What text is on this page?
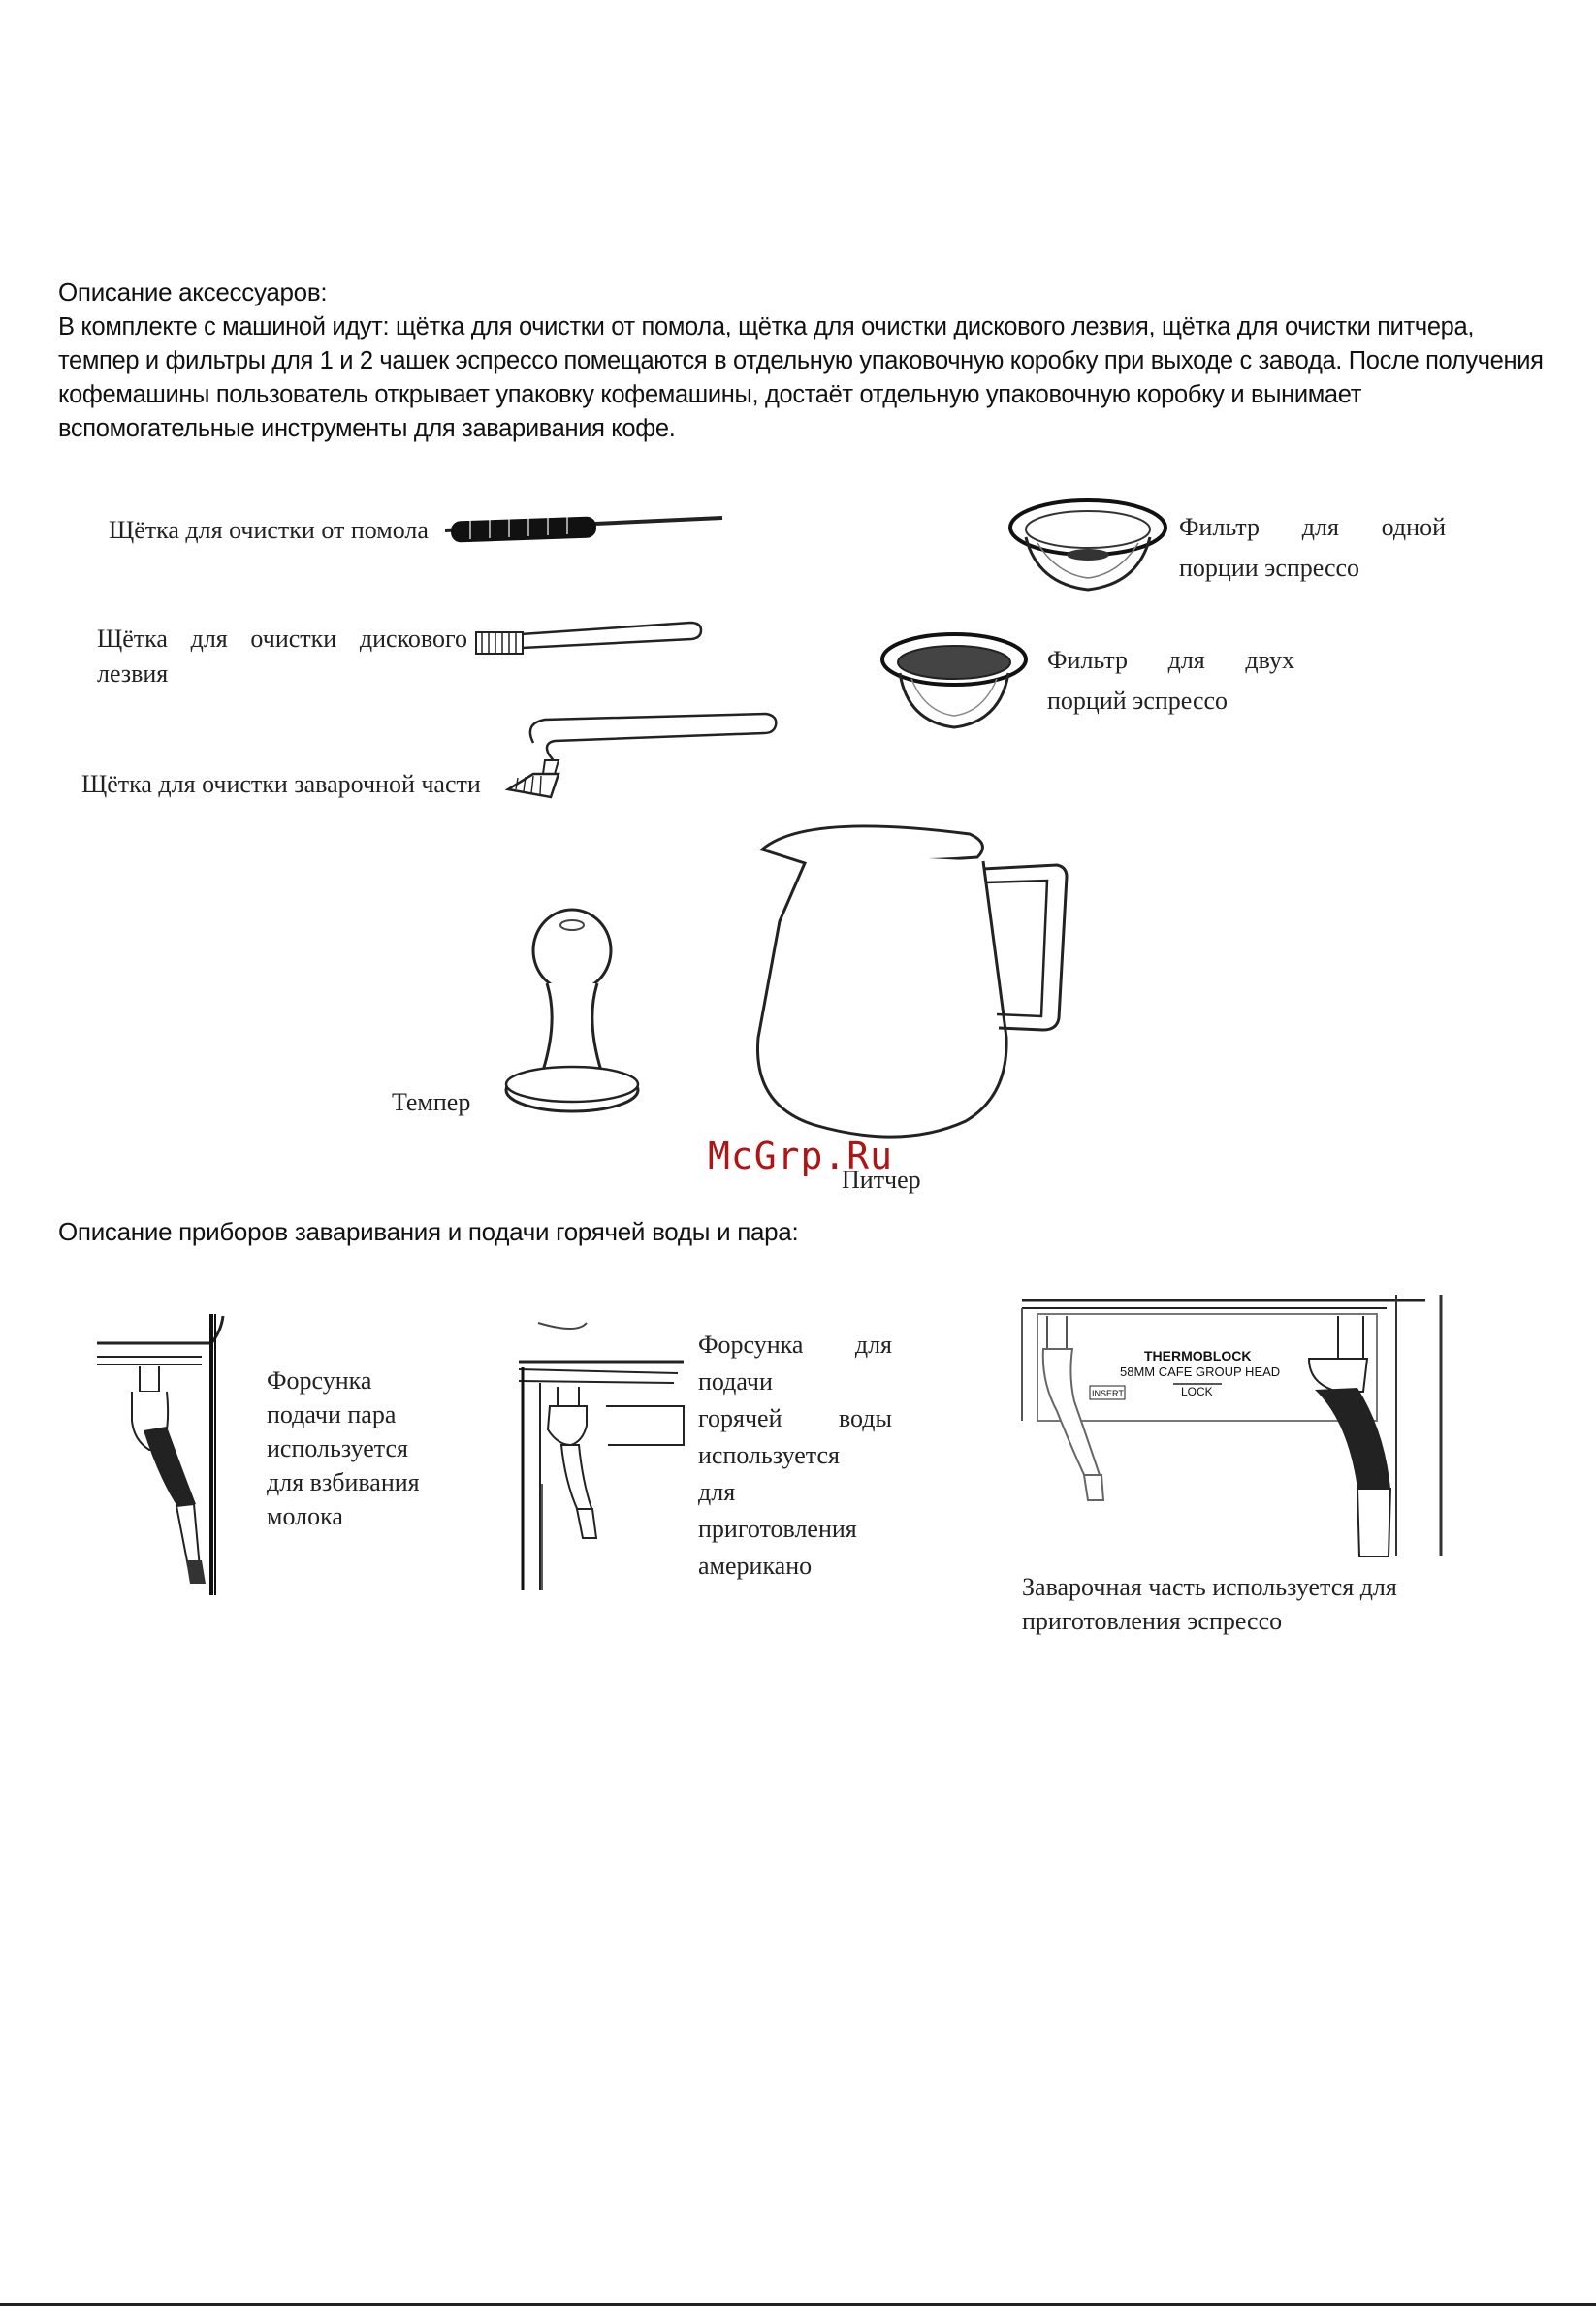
Описание аксессуаров:
В комплекте с машиной идут: щётка для очистки от помола, щётка для очистки дискового лезвия, щётка для очистки питчера, темпер и фильтры для 1 и 2 чашек эспрессо помещаются в отдельную упаковочную коробку при выходе с завода. После получения кофемашины пользователь открывает упаковку кофемашины, достаёт отдельную упаковочную коробку и вынимает вспомогательные инструменты для заваривания кофе.
Щётка для очистки от помола
Щётка для очистки дискового
лезвия
Щётка для очистки заварочной части
Фильтр для одной
порции эспрессо
Фильтр для двух
порций эспрессо
Темпер
Питчер
McGrp.Ru
Описание приборов заваривания и подачи горячей воды и пара:
Форсунка
подачи пара
используется
для взбивания
молока
Форсунка для
подачи
горячей воды
используется
для
приготовления
американо
THERMOBLOCK
58MM CAFE GROUP HEAD
INSERT	LOCK
Заварочная часть используется для
приготовления эспрессо
